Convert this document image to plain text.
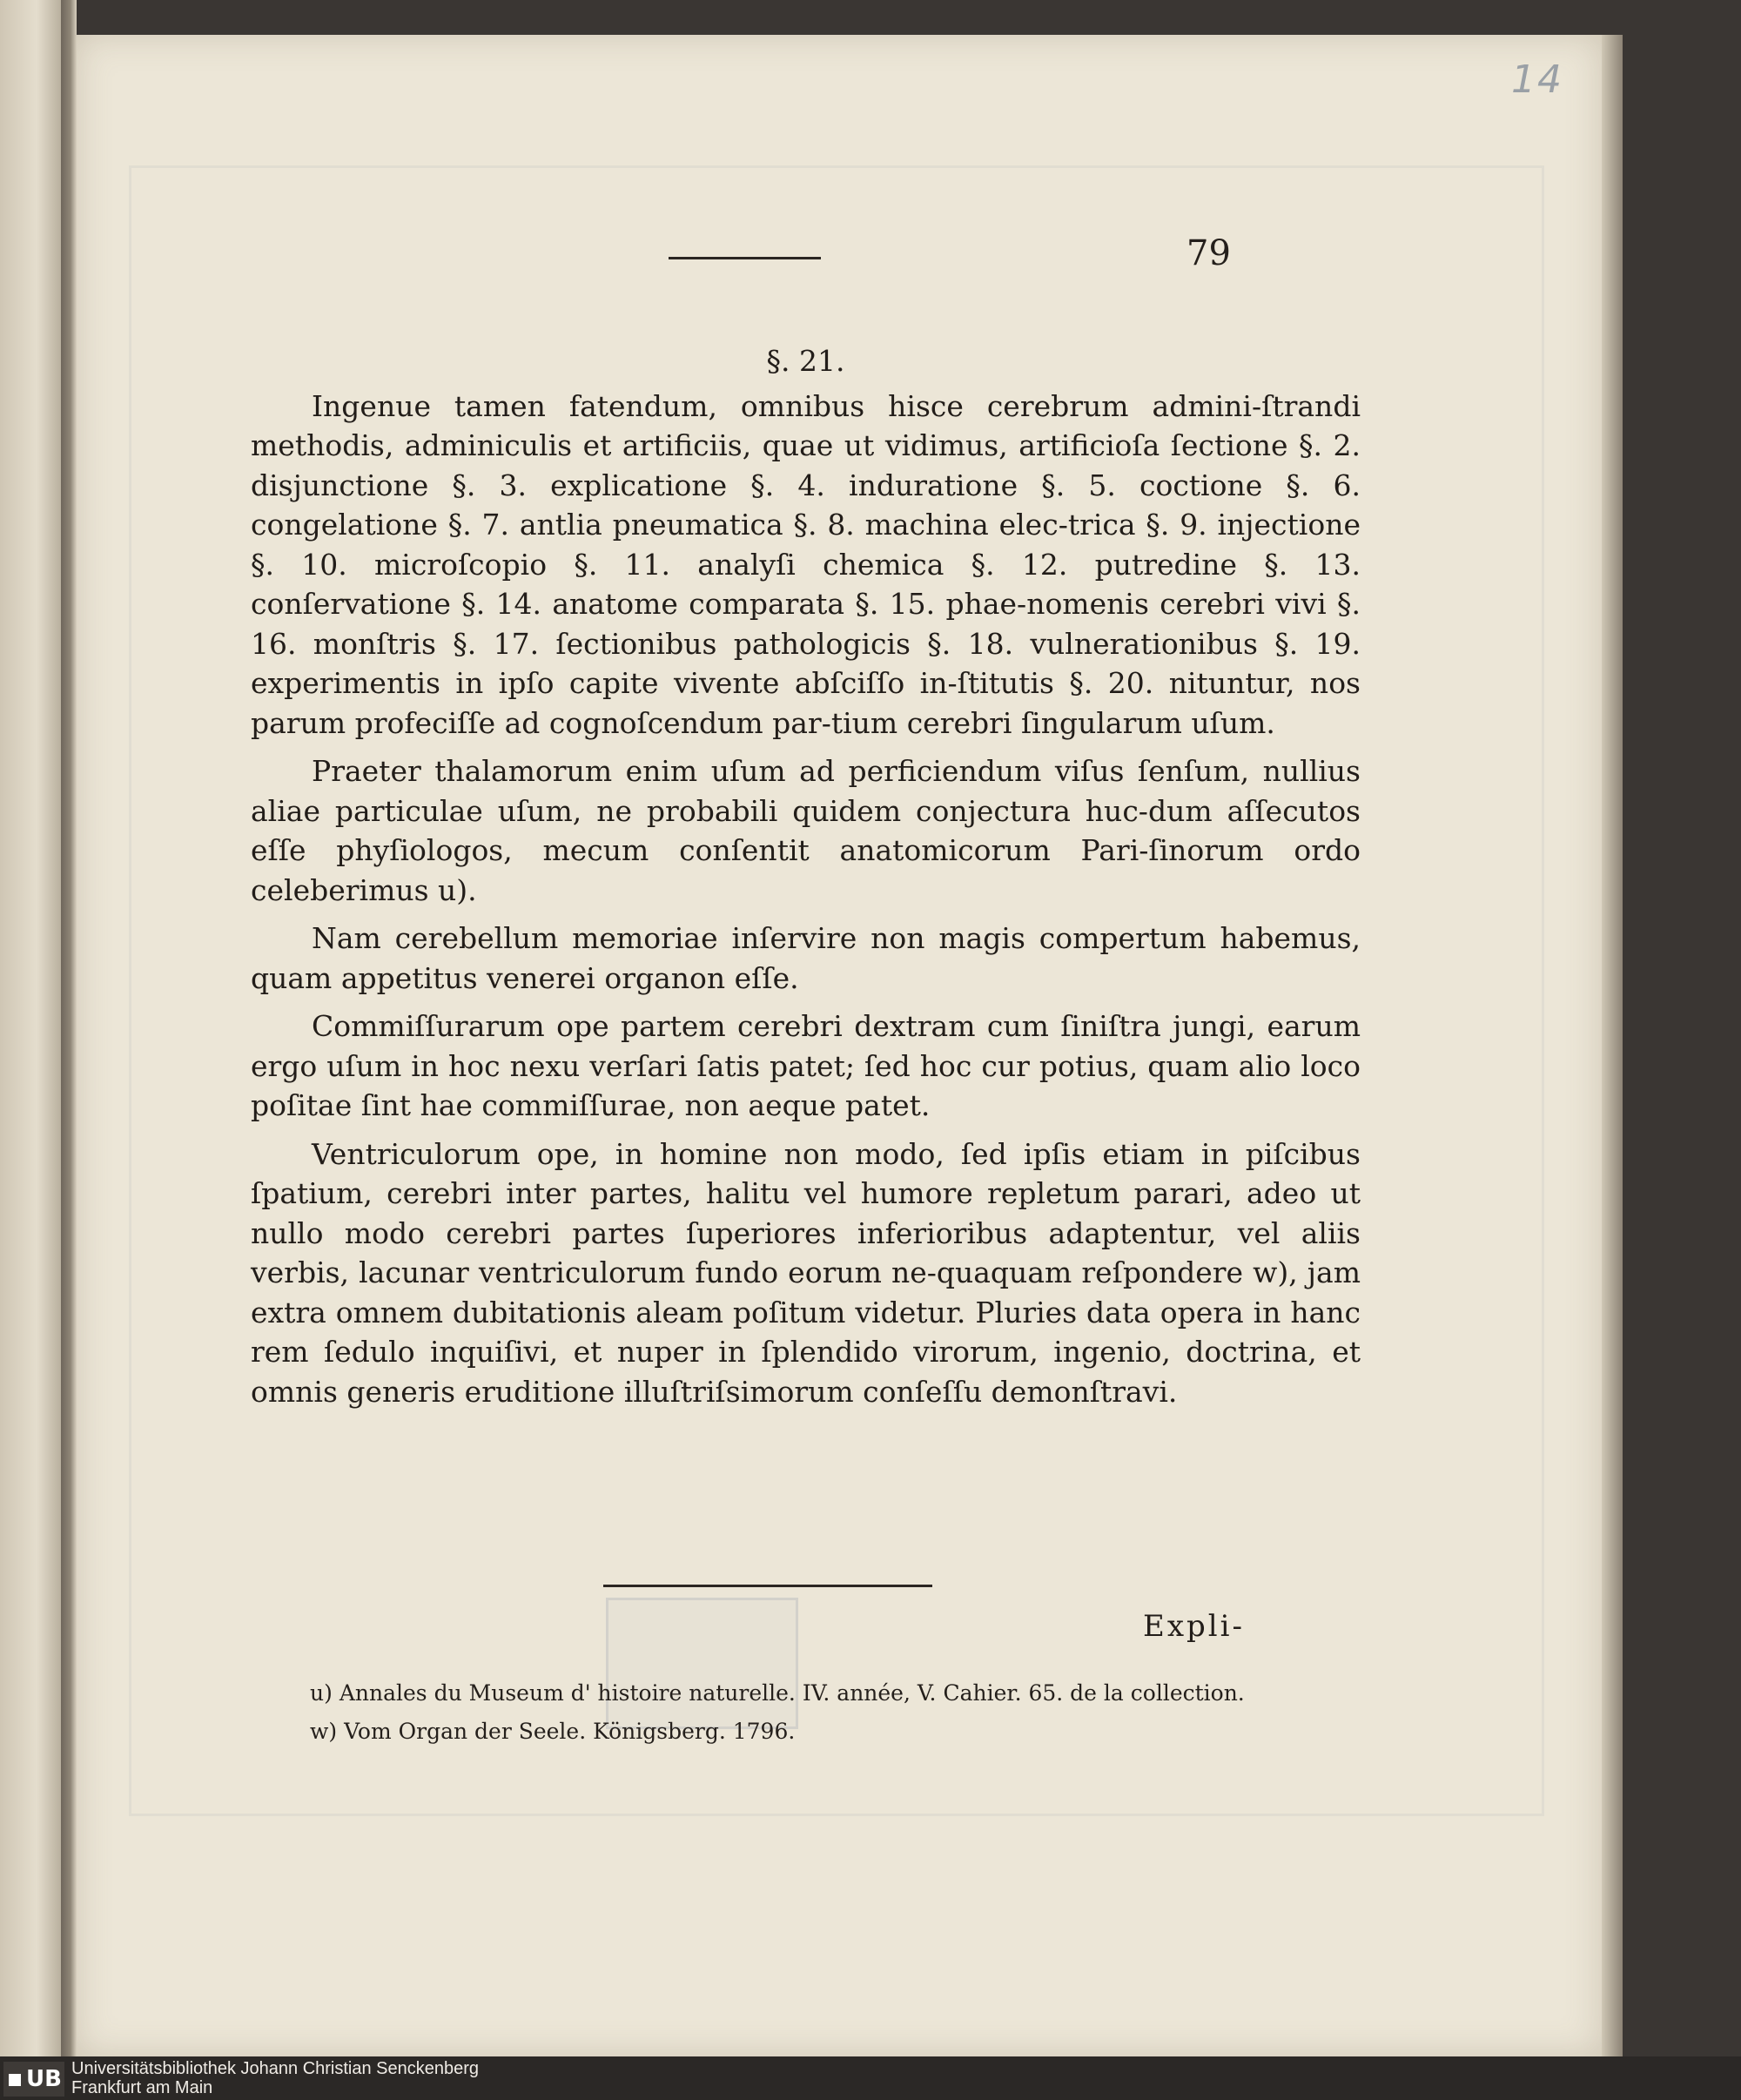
14
79
§. 21.

Ingenue tamen fatendum, omnibus hisce cerebrum admini-ſtrandi methodis, adminiculis et artificiis, quae ut vidimus, artificioſa ſectione §. 2. disjunctione §. 3. explicatione §. 4. induratione §. 5. coctione §. 6. congelatione §. 7. antlia pneumatica §. 8. machina elec-trica §. 9. injectione §. 10. microſcopio §. 11. analyſi chemica §. 12. putredine §. 13. conſervatione §. 14. anatome comparata §. 15. phae-nomenis cerebri vivi §. 16. monſtris §. 17. ſectionibus pathologicis §. 18. vulnerationibus §. 19. experimentis in ipſo capite vivente abſciſſo in-ſtitutis §. 20. nituntur, nos parum profeciſſe ad cognoſcendum par-tium cerebri ſingularum uſum.

Praeter thalamorum enim uſum ad perficiendum viſus ſenſum, nullius aliae particulae uſum, ne probabili quidem conjectura huc-dum aſſecutos eſſe phyſiologos, mecum conſentit anatomicorum Pari-ſinorum ordo celeberimus u).

Nam cerebellum memoriae inſervire non magis compertum habemus, quam appetitus venerei organon eſſe.

Commiſſurarum ope partem cerebri dextram cum ſiniſtra jungi, earum ergo uſum in hoc nexu verſari ſatis patet; ſed hoc cur potius, quam alio loco poſitae ſint hae commiſſurae, non aeque patet.

Ventriculorum ope, in homine non modo, ſed ipſis etiam in piſcibus ſpatium, cerebri inter partes, halitu vel humore repletum parari, adeo ut nullo modo cerebri partes ſuperiores inferioribus adaptentur, vel aliis verbis, lacunar ventriculorum fundo eorum ne-quaquam reſpondere w), jam extra omnem dubitationis aleam poſitum videtur. Pluries data opera in hanc rem ſedulo inquiſivi, et nuper in ſplendido virorum, ingenio, doctrina, et omnis generis eruditione illuſtriſsimorum conſeſſu demonſtravi.

Expli-

u) Annales du Museum d' histoire naturelle. IV. année, V. Cahier. 65. de la collection.

w) Vom Organ der Seele. Königsberg. 1796.

UB Universitätsbibliothek Johann Christian Senckenberg
Frankfurt am Main
